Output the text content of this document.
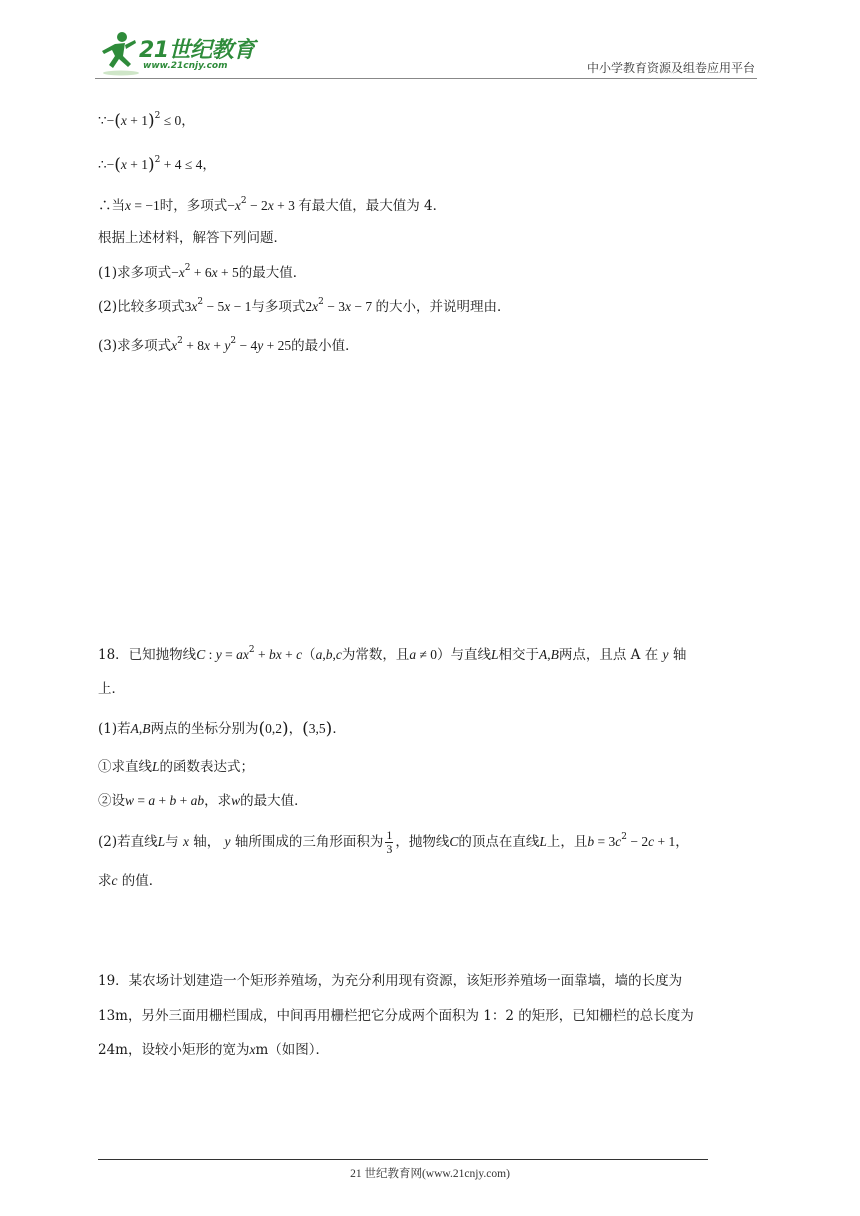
21世纪教育
www.21cnjy.com	中小学教育资源及组卷应用平台
∵−(x + 1)$^2$ ≤ 0，
∴−(x + 1)$^2$ + 4 ≤ 4，
∴当x = −1时，多项式$-x^2 - 2x + 3$ 有最大值，最大值为 4．
根据上述材料，解答下列问题．
(1)求多项式$-x^2 + 6x + 5$的最大值．
(2)比较多项式$3x^2 - 5x - 1$与多项式$2x^2 - 3x - 7$ 的大小，并说明理由．
(3)求多项式$x^2 + 8x + y^2 - 4y + 25$的最小值．
18．已知抛物线C : $y = ax^2$ + bx + c（a,b,c为常数，且a ≠ 0）与直线L相交于A,B两点，且点 A 在 y 轴
上．
(1)若A,B两点的坐标分别为(0,2)，(3,5)．
①求直线L的函数表达式；
②设w = a + b + ab，求w的最大值．
(2)若直线L与 x 轴， y 轴所围成的三角形面积为 $\frac{1}{3}$ ，抛物线C的顶点在直线L上，且$b = 3c^2 - 2c + 1$，
求c 的值．
19．某农场计划建造一个矩形养殖场，为充分利用现有资源，该矩形养殖场一面靠墙，墙的长度为
13m，另外三面用栅栏围成，中间再用栅栏把它分成两个面积为 1：2 的矩形，已知栅栏的总长度为
24m，设较小矩形的宽为xm（如图）．
21 世纪教育网(www.21cnjy.com)
